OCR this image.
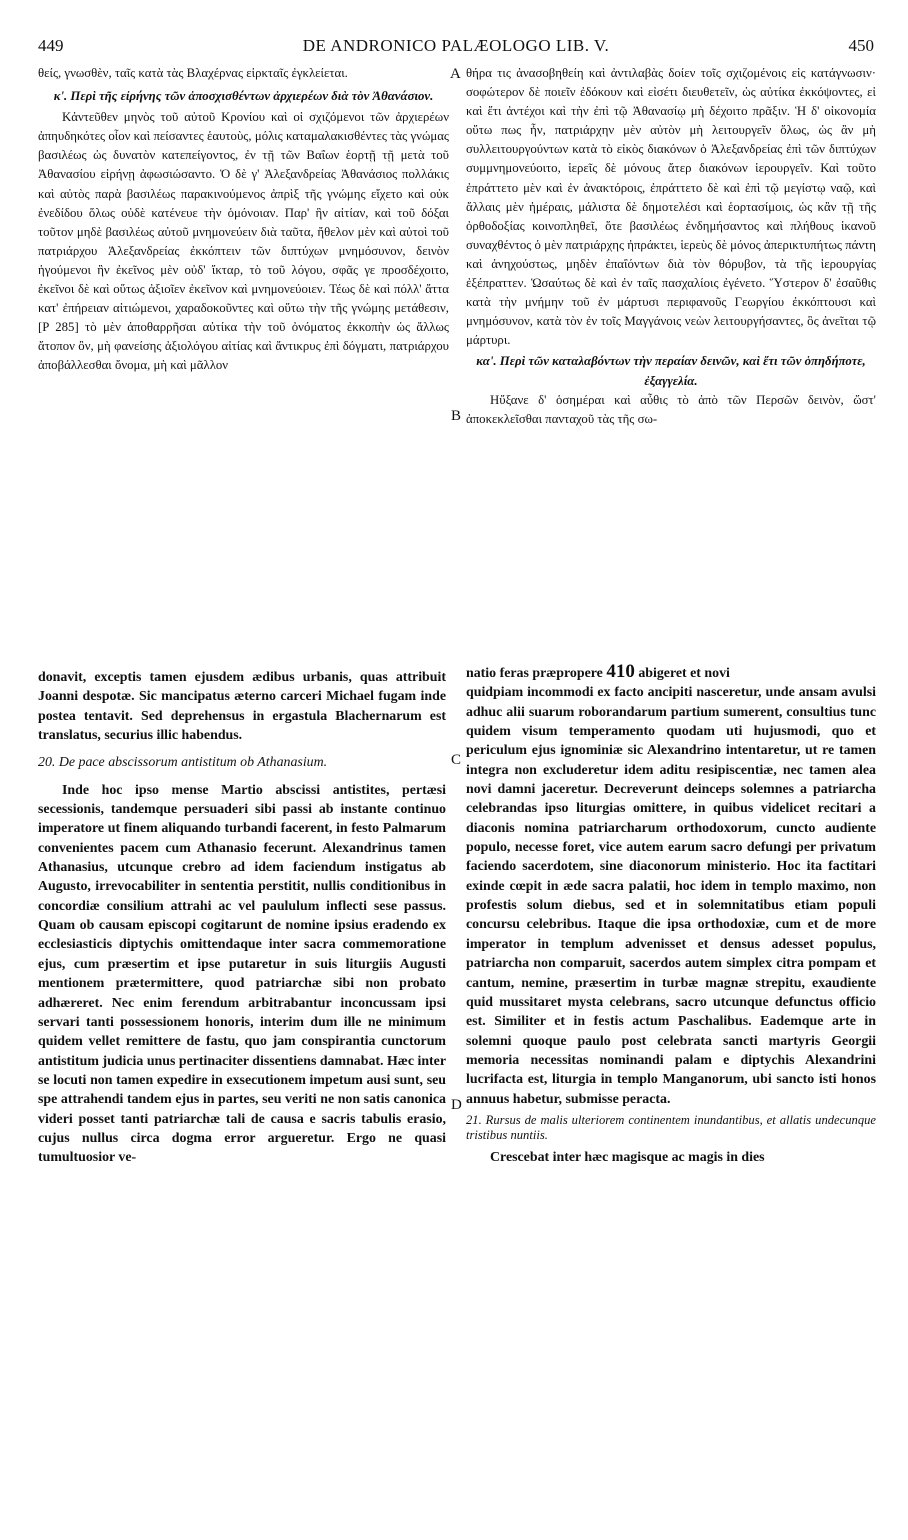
449	DE ANDRONICO PALÆOLOGO LIB. V.	450

θείς, γνωσθὲν, ταῖς κατὰ τὰς Βλαχέρνας εἱρκταῖς ἐγκλείεται.

κ'. Περὶ τῆς εἰρήνης τῶν ἀποσχισθέντων ἀρχιερέων διὰ τὸν Ἀθανάσιον.

Κἀντεῦθεν μηνὸς τοῦ αὐτοῦ Κρονίου καὶ οἱ σχιζόμενοι τῶν ἀρχιερέων ἀπηυδηκότες οἷον καὶ πείσαντες ἑαυτοὺς, μόλις καταμαλακισθέντες τὰς γνώμας βασιλέως ὡς δυνατὸν κατεπείγοντος, ἐν τῇ τῶν Βαΐων ἑορτῇ τῇ μετὰ τοῦ Ἀθανασίου εἰρήνῃ ἀφωσιώσαντο. Ὁ δὲ γ' Ἀλεξανδρείας Ἀθανάσιος πολλάκις καὶ αὐτὸς παρὰ βασιλέως παρακινούμενος ἀπρὶξ τῆς γνώμης εἴχετο καὶ οὐκ ἐνεδίδου ὅλως οὐδὲ κατένευε τὴν ὁμόνοιαν. Παρ' ἣν αἰτίαν, καὶ τοῦ δόξαι τοῦτον μηδὲ βασιλέως αὐτοῦ μνημονεύειν διὰ ταῦτα, ἤθελον μὲν καὶ αὐτοὶ τοῦ πατριάρχου Ἀλεξανδρείας ἐκκόπτειν τῶν διπτύχων μνημόσυνον, δεινὸν ἡγούμενοι ἣν ἐκεῖνος μὲν οὐδ' ἴκταρ, τὸ τοῦ λόγου, σφᾶς γε προσδέχοιτο, ἐκεῖνοι δὲ καὶ οὕτως ἀξιοῖεν ἐκεῖνον καὶ μνημονεύοιεν. Τέως δὲ καὶ πόλλ' ἄττα κατ' ἐπήρειαν αἰτιώμενοι, χαραδοκοῦντες καὶ οὕτω τὴν τῆς γνώμης μετάθεσιν, [P 285] τὸ μὲν ἀποθαρρῆσαι αὐτίκα τὴν τοῦ ὀνόματος ἐκκοπὴν ὡς ἄλλως ἄτοπον ὂν, μὴ φανείσης ἀξιολόγου αἰτίας καὶ ἄντικρυς ἐπὶ δόγματι, πατριάρχου ἀποβάλλεσθαι ὄνομα, μὴ καὶ μᾶλλον

θήρα τις ἀνασοβηθείη καὶ ἀντιλαβὰς δοίεν τοῖς σχιζομένοις εἰς κατάγνωσιν· σοφώτερον δὲ ποιεῖν ἐδόκουν καὶ εἰσέτι διευθετεῖν, ὡς αὐτίκα ἐκκόψοντες, εἰ καὶ ἔτι ἀντέχοι καὶ τὴν ἐπὶ τῷ Ἀθανασίῳ μὴ δέχοιτο πρᾶξιν. Ἡ δ' οἰκονομία οὕτω πως ἦν, πατριάρχην μὲν αὐτὸν μὴ λειτουργεῖν ὅλως, ὡς ἂν μὴ συλλειτουργούντων κατὰ τὸ εἰκὸς διακόνων ὁ Ἀλεξανδρείας ἐπὶ τῶν διπτύχων συμμνημονεύοιτο, ἱερεῖς δὲ μόνους ἄτερ διακόνων ἱερουργεῖν. Καὶ τοῦτο ἐπράττετο μὲν καὶ ἐν ἀνακτόροις, ἐπράττετο δὲ καὶ ἐπὶ τῷ μεγίστῳ ναῷ, καὶ ἄλλαις μὲν ἡμέραις, μάλιστα δὲ δημοτελέσι καὶ ἑορτασίμοις, ὡς κἂν τῇ τῆς ὀρθοδοξίας κοινοπληθεῖ, ὅτε βασιλέως ἐνδημήσαντος καὶ πλήθους ἱκανοῦ συναχθέντος ὁ μὲν πατριάρχης ἠπράκτει, ἱερεὺς δὲ μόνος ἀπερικτυπήτως πάντη καὶ ἀνηχούστως, μηδὲν ἐπαΐόντων διὰ τὸν θόρυβον, τὰ τῆς ἱερουργίας ἐξέπραττεν. Ὡσαύτως δὲ καὶ ἐν ταῖς πασχαλίοις ἐγένετο. Ὕστερον δ' ἐσαῦθις κατὰ τὴν μνήμην τοῦ ἐν μάρτυσι περιφανοῦς Γεωργίου ἐκκόπτουσι καὶ μνημόσυνον, κατὰ τὸν ἐν τοῖς Μαγγάνοις νεὼν λειτουργήσαντες, ὃς ἀνεῖται τῷ μάρτυρι.

κα'. Περὶ τῶν καταλαβόντων τὴν περαίαν δεινῶν, καὶ ἔτι τῶν ὁπηδήποτε, ἐξαγγελία.

Ηὔξανε δ' ὁσημέραι καὶ αὖθις τὸ ἀπὸ τῶν Περσῶν δεινὸν, ὥστ' ἀποκεκλεῖσθαι πανταχοῦ τὰς τῆς σω-

donavit, exceptis tamen ejusdem ædibus urbanis, quas attribuit Joanni despotæ. Sic mancipatus æterno carceri Michael fugam inde postea tentavit. Sed deprehensus in ergastula Blachernarum est translatus, securius illic habendus.

20. De pace abscissorum antistitum ob Athanasium.

Inde hoc ipso mense Martio abscissi antistites, pertæsi secessionis, tandemque persuaderi sibi passi ab instante continuo imperatore ut finem aliquando turbandi facerent, in festo Palmarum convenientes pacem cum Athanasio fecerunt. Alexandrinus tamen Athanasius, utcunque crebro ad idem faciendum instigatus ab Augusto, irrevocabiliter in sententia perstitit, nullis conditionibus in concordiæ consilium attrahi ac vel paululum inflecti sese passus. Quam ob causam episcopi cogitarunt de nomine ipsius eradendo ex ecclesiasticis diptychis omittendaque inter sacra commemoratione ejus, cum præsertim et ipse putaretur in suis liturgiis Augusti mentionem prætermittere, quod patriarchæ sibi non probato adhæreret. Nec enim ferendum arbitrabantur inconcussam ipsi servari tanti possessionem honoris, interim dum ille ne minimum quidem vellet remittere de fastu, quo jam conspirantia cunctorum antistitum judicia unus pertinaciter dissentiens damnabat. Hæc inter se locuti non tamen expedire in exsecutionem impetum ausi sunt, seu spe attrahendi tandem ejus in partes, seu veriti ne non satis canonica videri posset tanti patriarchæ tali de causa e sacris tabulis erasio, cujus nullus circa dogma error argueretur. Ergo ne quasi tumultuosior ve-

natio feras præpropere 410 abigeret et novi

quidpiam incommodi ex facto ancipiti nasceretur, unde ansam avulsi adhuc alii suarum roborandarum partium sumerent, consultius tunc quidem visum temperamento quodam uti hujusmodi, quo et periculum ejus ignominiæ sic Alexandrino intentaretur, ut re tamen integra non excluderetur idem aditu resipiscentiæ, nec tamen alea novi damni jaceretur. Decreverunt deinceps solemnes a patriarcha celebrandas ipso liturgias omittere, in quibus videlicet recitari a diaconis nomina patriarcharum orthodoxorum, cuncto audiente populo, necesse foret, vice autem earum sacro defungi per privatum faciendo sacerdotem, sine diaconorum ministerio. Hoc ita factitari exinde cœpit in æde sacra palatii, hoc idem in templo maximo, non profestis solum diebus, sed et in solemnitatibus etiam populi concursu celebribus. Itaque die ipsa orthodoxiæ, cum et de more imperator in templum advenisset et densus adesset populus, patriarcha non comparuit, sacerdos autem simplex citra pompam et cantum, nemine, præsertim in turbæ magnæ strepitu, exaudiente quid mussitaret mysta celebrans, sacro utcunque defunctus officio est. Similiter et in festis actum Paschalibus. Eademque arte in solemni quoque paulo post celebrata sancti martyris Georgii memoria necessitas nominandi palam e diptychis Alexandrini lucrifacta est, liturgia in templo Manganorum, ubi sancto isti honos annuus habetur, submisse peracta.

21. Rursus de malis ulteriorem continentem inundantibus, et allatis undecunque tristibus nuntiis.

Crescebat inter hæc magisque ac magis in dies

A
B
C
D
